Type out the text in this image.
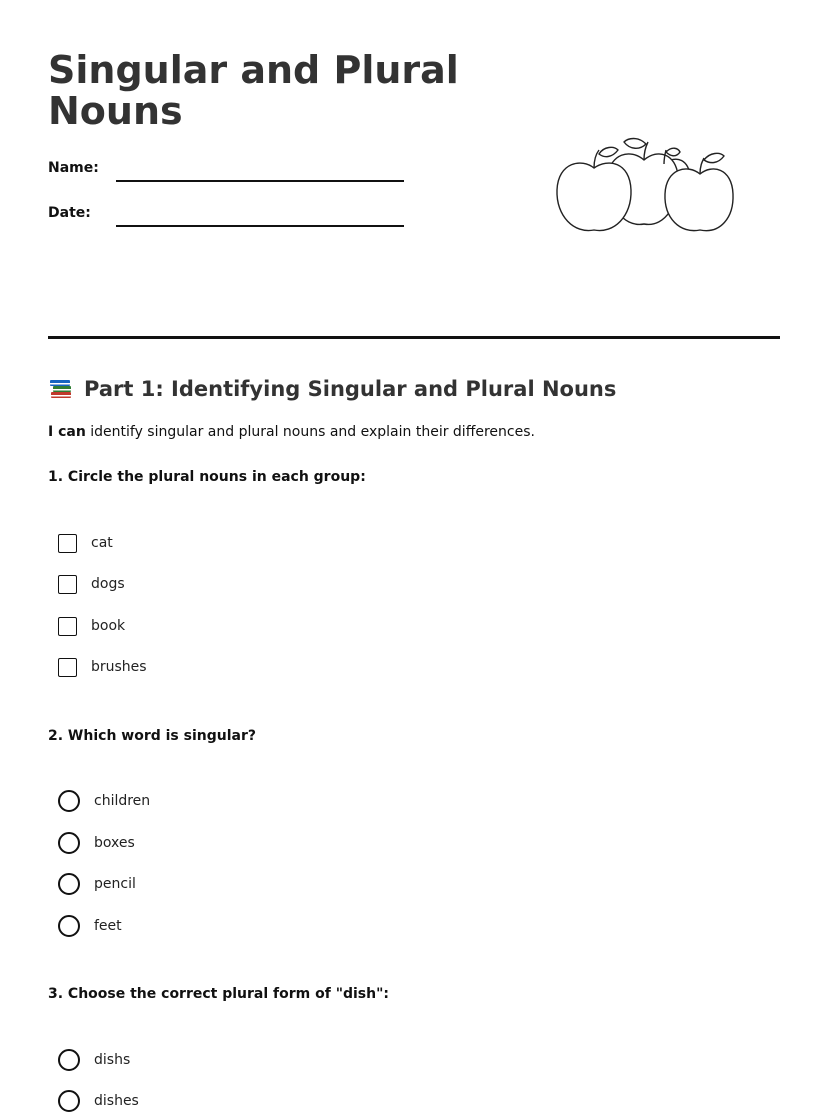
Singular and Plural Nouns
Name:
Date:
Part 1: Identifying Singular and Plural Nouns
I can identify singular and plural nouns and explain their differences.
1. Circle the plural nouns in each group:
cat
dogs
book
brushes
2. Which word is singular?
children
boxes
pencil
feet
3. Choose the correct plural form of "dish":
dishs
dishes
